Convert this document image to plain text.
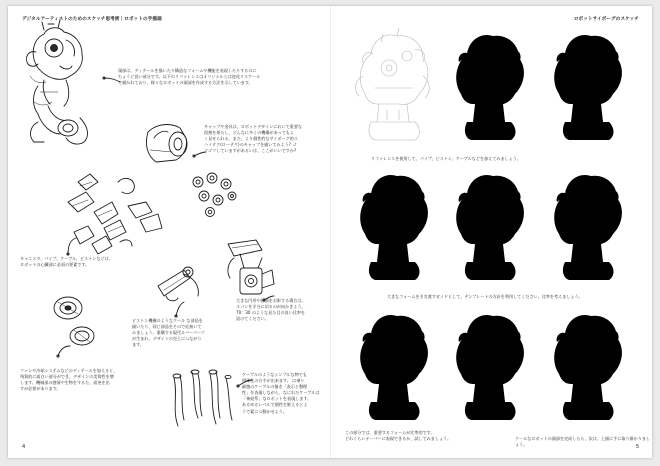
デジタルアーティストのためのスケッチ思考術｜ロボットの手描画
頭部は、ディテールを描いたり構造なフォームや機能を表現したりするのに
ちょうど良い部分です。以下のリファレンスはオリジナルとは逆花リスケール
で描かれており、様々なロボットの頭部を作成する方法を示しています。
キャップや金具は、ロボットデザインにおいて重要な
役割を果たし、どんなに多くの機構があってもよ
く見せられる。また、より個性的なサイボーグ的ス
ハイテク(ローテク)のキャップを描いてみよう? ゴ
ツゴツしていますがあるいは、ここがいいですか?
キャニスタ、パイプ、ケーブル、ピストンなどは、
ロボットの心臓部に必須の要素です。
ピストン機構のようなクール な部品を
描いたり、同じ部品をそので応接いて
みましょう。重構する現代ルバーパーツ
が生まれ、デザインの売上につながり
ます。
大きな円形や画面をお影する場合は、
スパンを半分に切るのが向かきよう。
70：30 のような見た目の良い比率を
設けてください。
ファンや冷却システムなどのディテールを加えると、
残質的に面白い部分ができ、デザインの美質性を増
します。機械部の感情や生物をするた、面充を出
すが必要があります。
ケーブルのようなシンプルな物でも
明確化の方手が出来ます。 は乗り
細胞のケーブルの描き「表示と整理
性」を表現しながら、なにれだケーブルは
「神経系」なロボットを表現します。
あるゆるレベルで個性を鮮えるとよ
うで素につ動かせよう。
4
ロボットサイボーグのスケッチ
リファレンスを使用して、パイプ、ピストン、ケーブルなどを加えてみましょう。
大きなフォームを引き渡すガイドとして、テンプレートの方針を利用してください。比率を考えましょう。
この部分では、重要するフォームが比率的です。
どれくらいオーバーに表現できるか、試してみましょう。	クールなロボットの頭部を完成したら、次は、上描に手に取り掛かりましょう。	5
